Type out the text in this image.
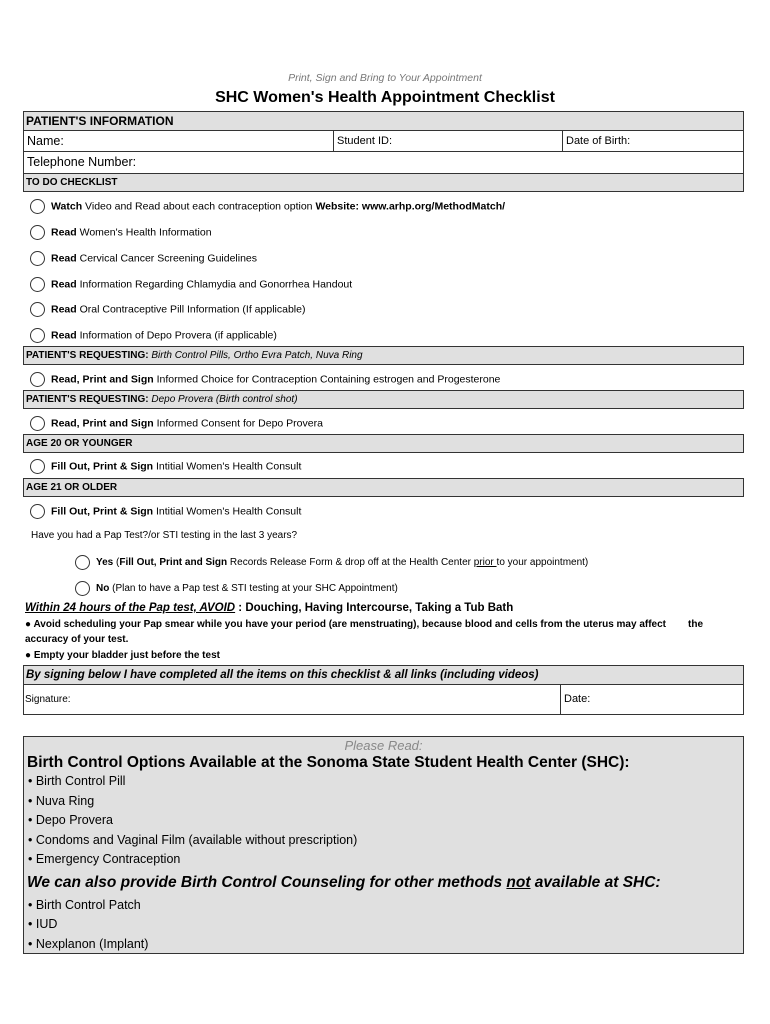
Print, Sign and Bring to Your Appointment
SHC Women's Health Appointment Checklist
PATIENT'S INFORMATION
Name:	Student ID:	Date of Birth:
Telephone Number:
TO DO CHECKLIST
Watch Video and Read about each contraception option Website: www.arhp.org/MethodMatch/
Read Women's Health Information
Read Cervical Cancer Screening Guidelines
Read Information Regarding Chlamydia and Gonorrhea Handout
Read Oral Contraceptive Pill Information (If applicable)
Read Information of Depo Provera (if applicable)
PATIENT'S REQUESTING: Birth Control Pills, Ortho Evra Patch, Nuva Ring
Read, Print and Sign Informed Choice for Contraception Containing estrogen and Progesterone
PATIENT'S REQUESTING: Depo Provera (Birth control shot)
Read, Print and Sign Informed Consent for Depo Provera
AGE 20 OR YOUNGER
Fill Out, Print & Sign Intitial Women's Health Consult
AGE 21 OR OLDER
Fill Out, Print & Sign Intitial Women's Health Consult
Have you had a Pap Test?/or STI testing in the last 3 years?
Yes (Fill Out, Print and Sign Records Release Form & drop off at the Health Center prior to your appointment)
No (Plan to have a Pap test & STI testing at your SHC Appointment)
Within 24 hours of the Pap test, AVOID : Douching, Having Intercourse, Taking a Tub Bath
● Avoid scheduling your Pap smear while you have your period (are menstruating), because blood and cells from the uterus may affect the
accuracy of your test.
● Empty your bladder just before the test
By signing below I have completed all the items on this checklist & all links (including videos)
Signature:	Date:
Please Read:
Birth Control Options Available at the Sonoma State Student Health Center (SHC):
• Birth Control Pill
• Nuva Ring
• Depo Provera
• Condoms and Vaginal Film (available without prescription)
• Emergency Contraception
We can also provide Birth Control Counseling for other methods not available at SHC:
• Birth Control Patch
• IUD
• Nexplanon (Implant)
